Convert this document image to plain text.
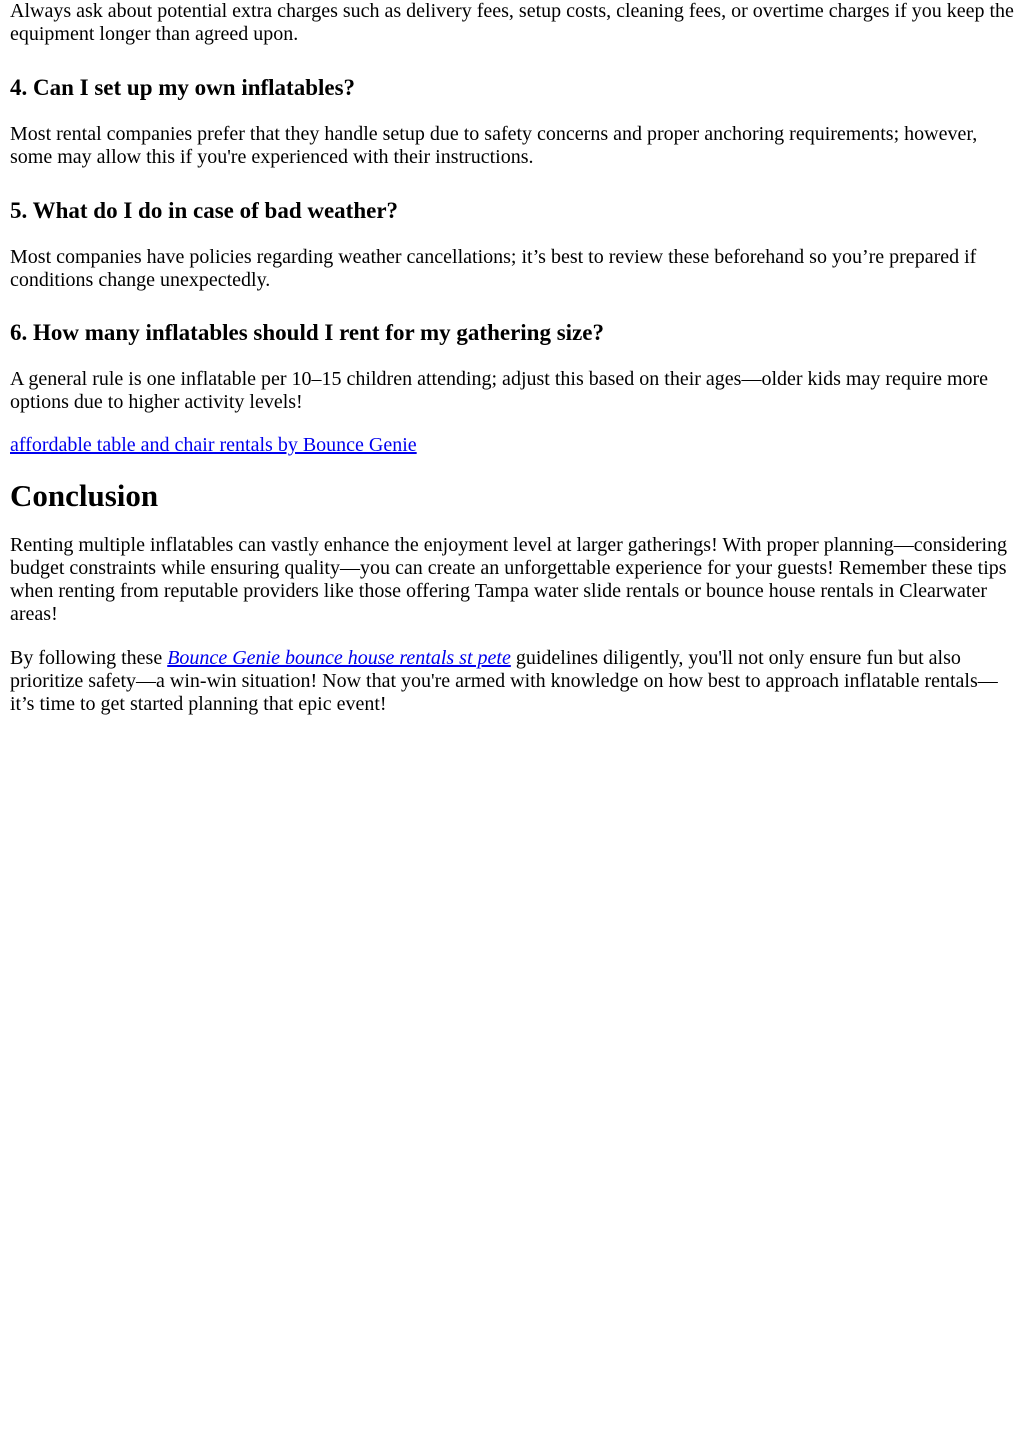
Always ask about potential extra charges such as delivery fees, setup costs, cleaning fees, or overtime charges if you keep the equipment longer than agreed upon.

4. Can I set up my own inflatables?

Most rental companies prefer that they handle setup due to safety concerns and proper anchoring requirements; however, some may allow this if you're experienced with their instructions.

5. What do I do in case of bad weather?

Most companies have policies regarding weather cancellations; it’s best to review these beforehand so you’re prepared if conditions change unexpectedly.

6. How many inflatables should I rent for my gathering size?

A general rule is one inflatable per 10–15 children attending; adjust this based on their ages—older kids may require more options due to higher activity levels!

affordable table and chair rentals by Bounce Genie

Conclusion

Renting multiple inflatables can vastly enhance the enjoyment level at larger gatherings! With proper planning—considering budget constraints while ensuring quality—you can create an unforgettable experience for your guests! Remember these tips when renting from reputable providers like those offering Tampa water slide rentals or bounce house rentals in Clearwater areas!

By following these Bounce Genie bounce house rentals st pete guidelines diligently, you'll not only ensure fun but also prioritize safety—a win-win situation! Now that you're armed with knowledge on how best to approach inflatable rentals—it’s time to get started planning that epic event!
